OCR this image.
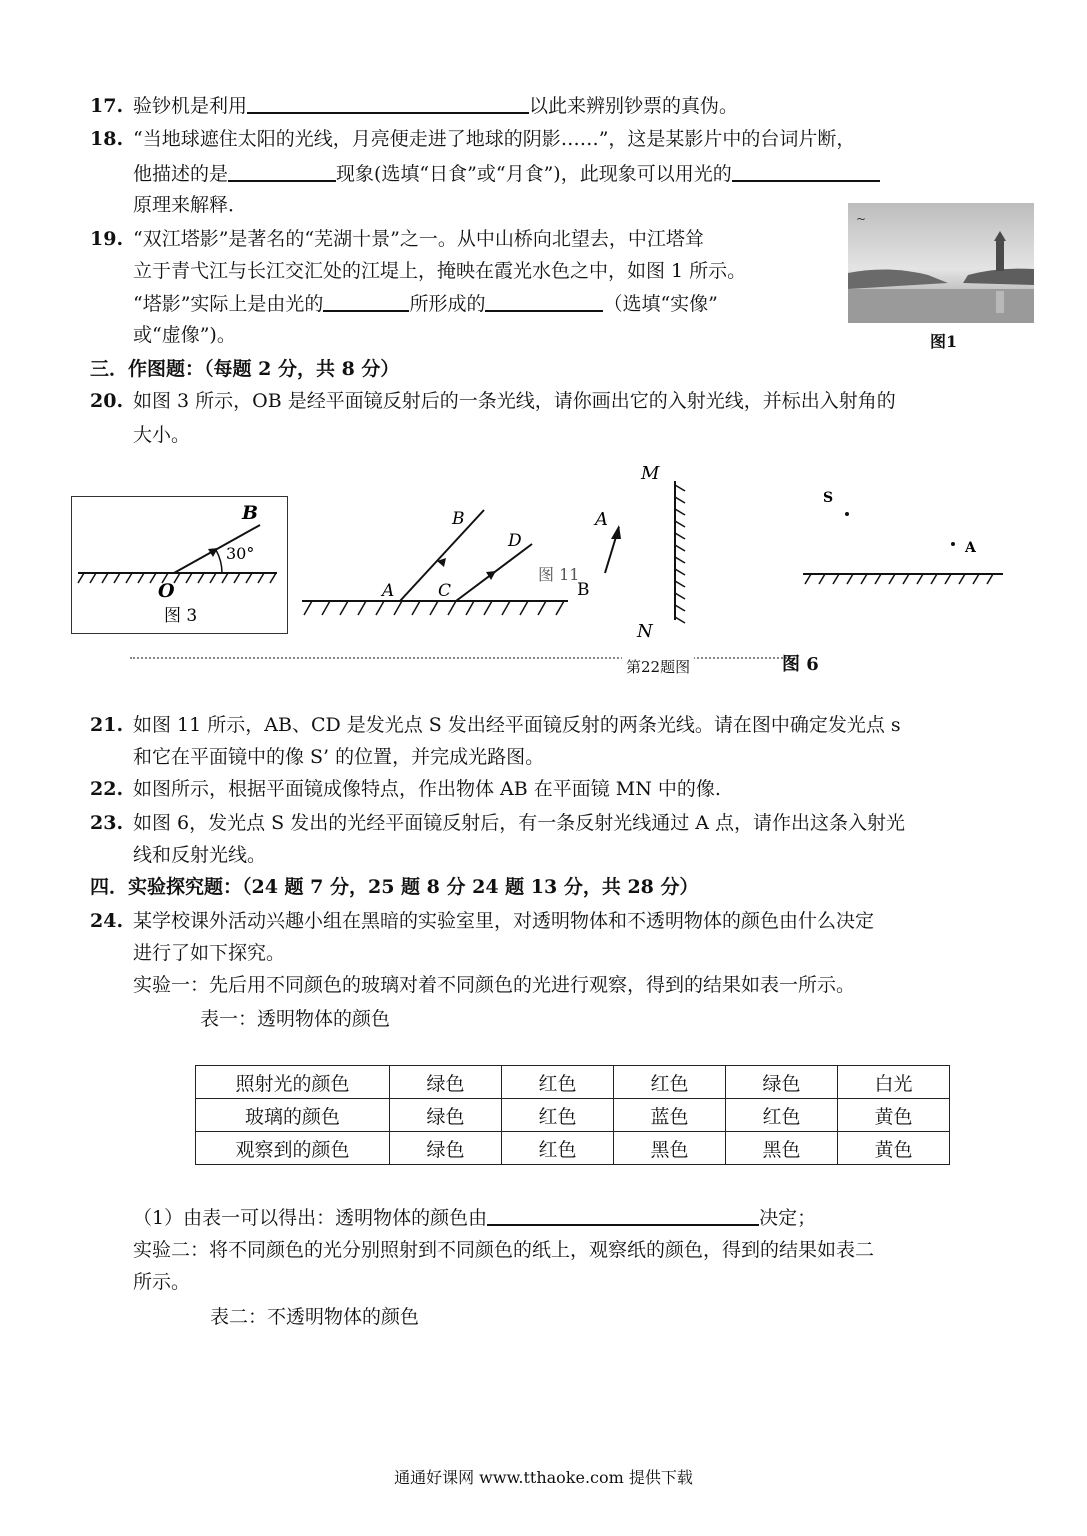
17. 验钞机是利用	以此来辨别钞票的真伪。
18. “当地球遮住太阳的光线，月亮便走进了地球的阴影……”，这是某影片中的台词片断，
他描述的是	现象(选填“日食”或“月食”)，此现象可以用光的
原理来解释．
19. “双江塔影”是著名的“芜湖十景”之一。从中山桥向北望去，中江塔耸
立于青弋江与长江交汇处的江堤上，掩映在霞光水色之中，如图 1 所示。
“塔影”实际上是由光的	所形成的	（选填“实像”
或“虚像”)。
~
图1
三．作图题：（每题 2 分，共 8 分）
20. 如图 3 所示，OB 是经平面镜反射后的一条光线，请你画出它的入射光线，并标出入射角的
大小。
B
O
30°
图 3
A
B
C
D
图 11
M
N
A
B
S
A
第22题图	图 6
21. 如图 11 所示，AB、CD 是发光点 S 发出经平面镜反射的两条光线。请在图中确定发光点 s
和它在平面镜中的像 S’ 的位置，并完成光路图。
22. 如图所示，根据平面镜成像特点，作出物体 AB 在平面镜 MN 中的像.
23. 如图 6，发光点 S 发出的光经平面镜反射后，有一条反射光线通过 A 点，请作出这条入射光
线和反射光线。
四．实验探究题：（24 题 7 分，25 题 8 分 24 题 13 分，共 28 分）
24. 某学校课外活动兴趣小组在黑暗的实验室里，对透明物体和不透明物体的颜色由什么决定
进行了如下探究。
实验一：先后用不同颜色的玻璃对着不同颜色的光进行观察，得到的结果如表一所示。
表一：透明物体的颜色
照射光的颜色	绿色	红色	红色	绿色	白光
玻璃的颜色	绿色	红色	蓝色	红色	黄色
观察到的颜色	绿色	红色	黑色	黑色	黄色
（1）由表一可以得出：透明物体的颜色由	决定；
实验二：将不同颜色的光分别照射到不同颜色的纸上，观察纸的颜色，得到的结果如表二
所示。
表二：不透明物体的颜色
通通好课网 www.tthaoke.com 提供下载
